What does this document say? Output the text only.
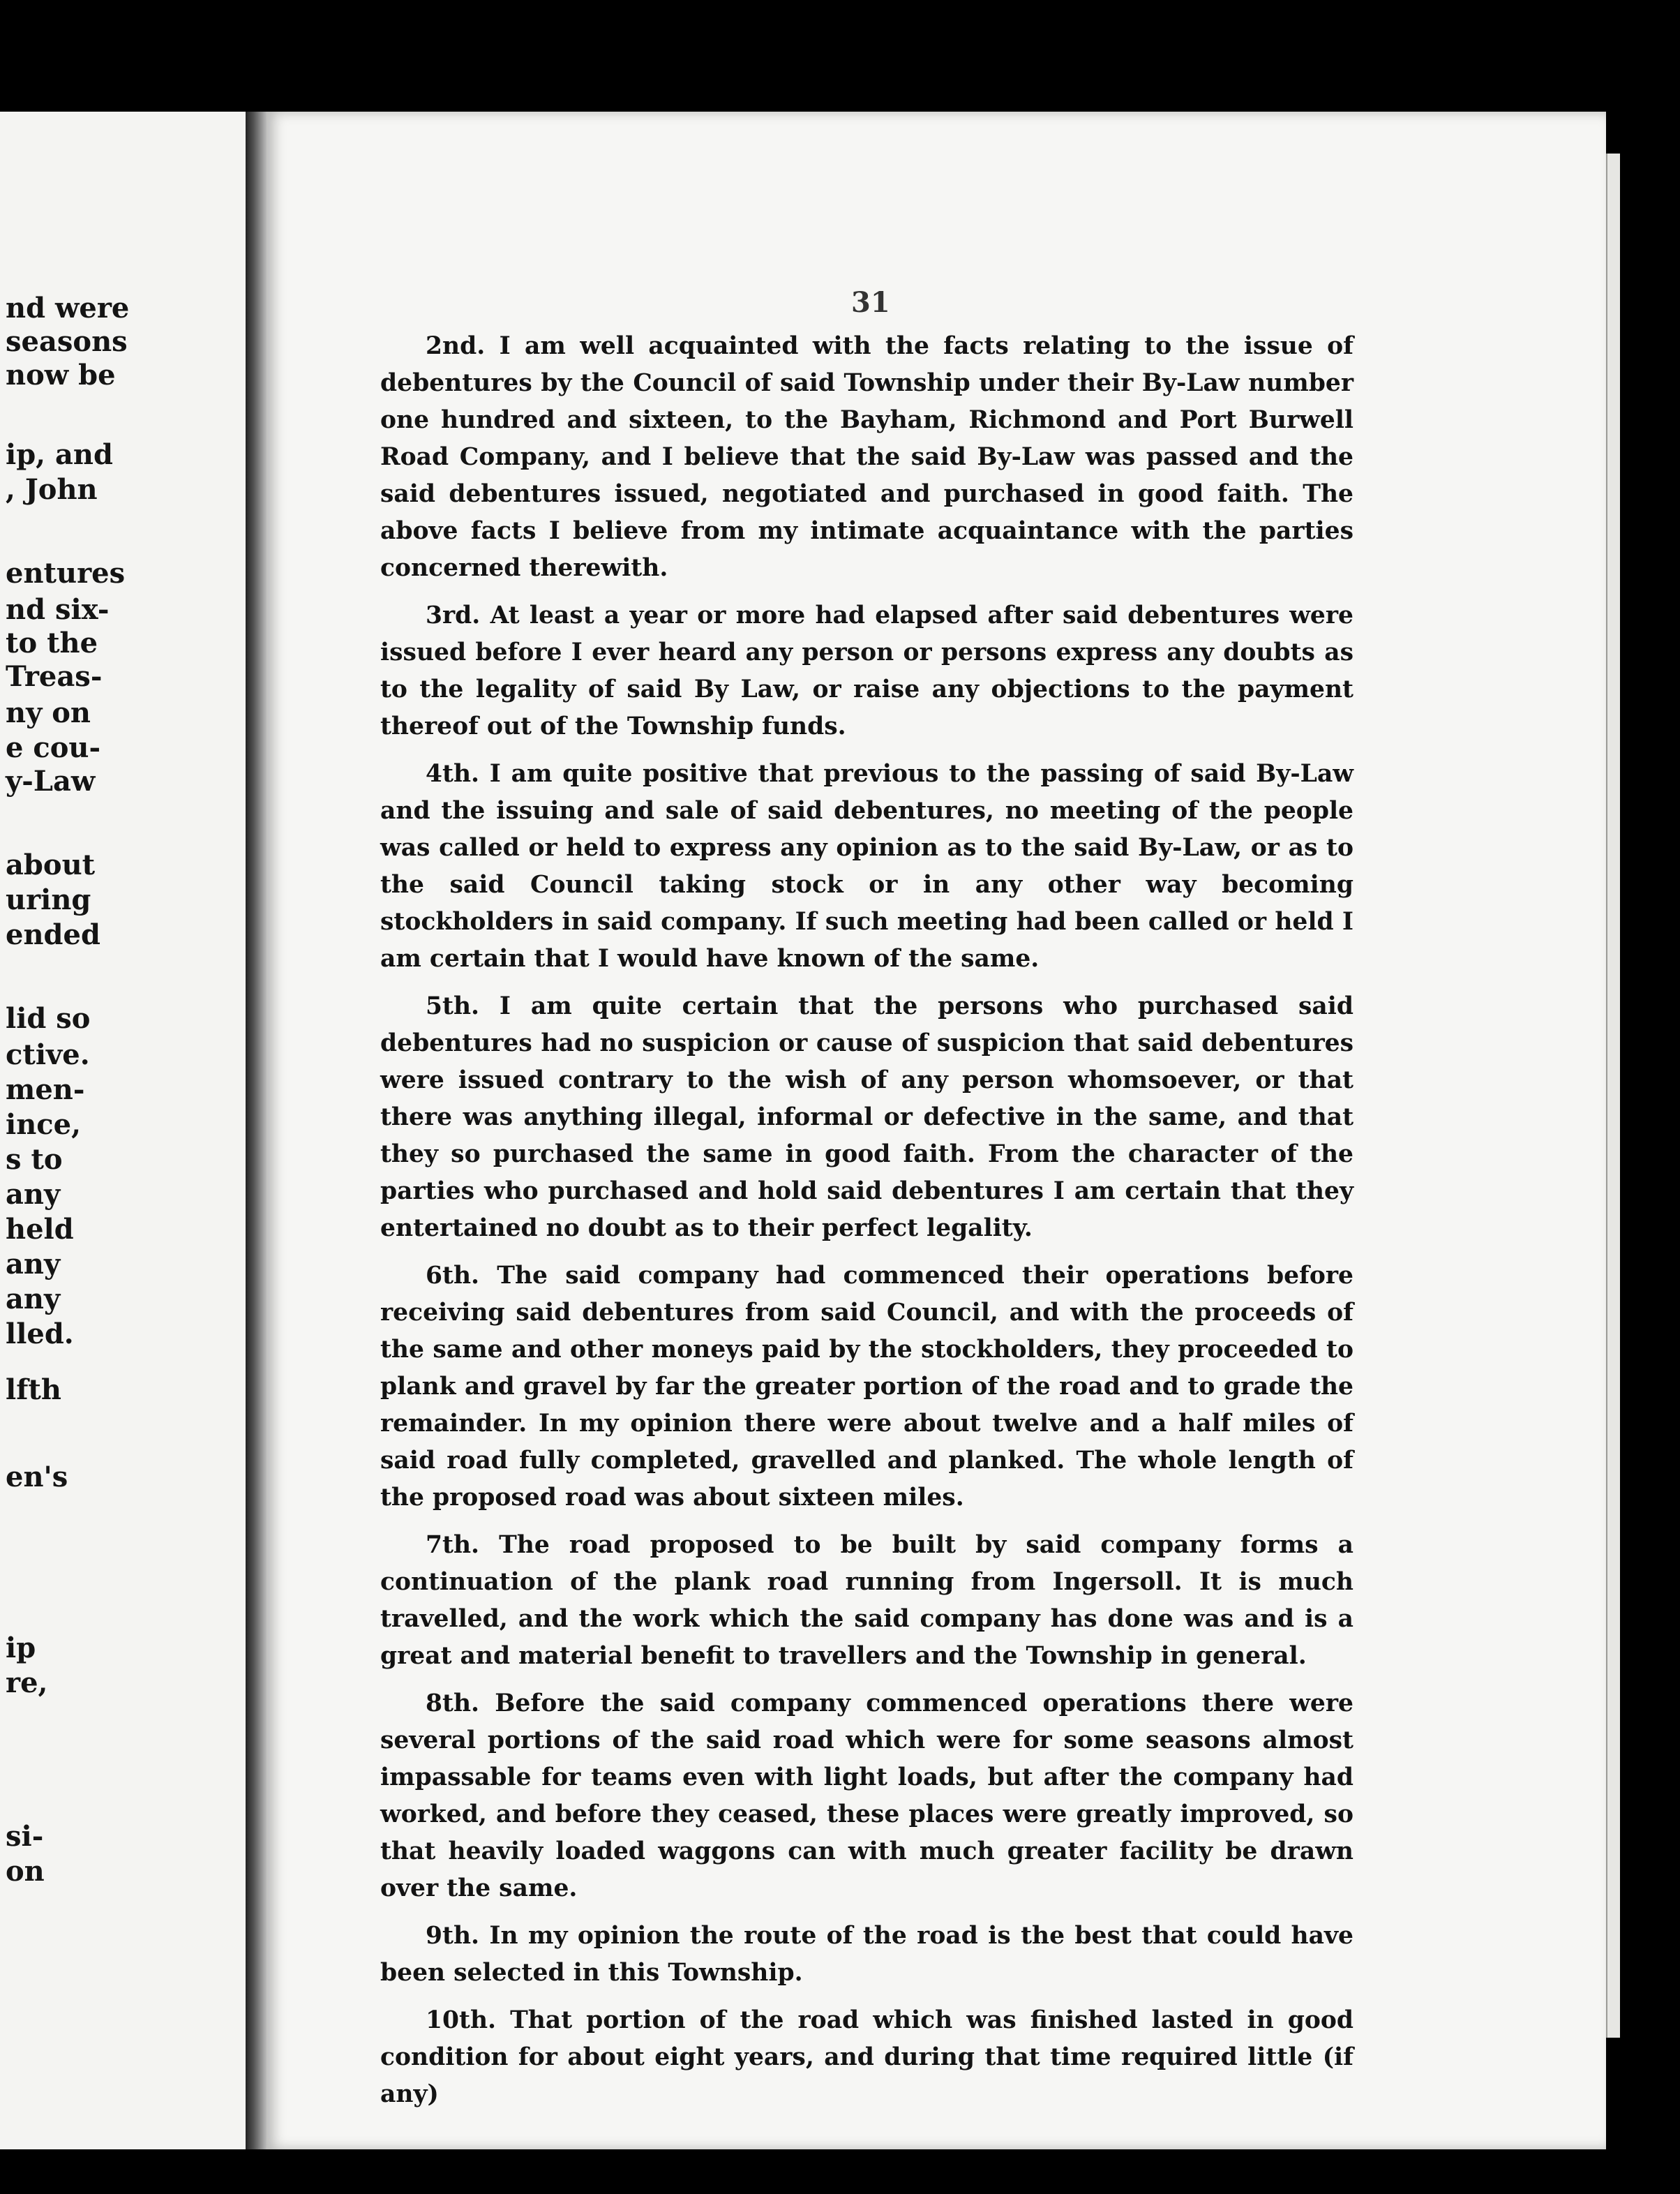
nd were
seasons
now be
ip, and
, John
entures
nd six-
to the
Treas-
ny on
e cou-
y-Law
about
uring
ended
lid so
ctive.
men-
ince,
s to
any
held
any
any
lled.
lfth
en's
ip
re,
si-
on
31

2nd. I am well acquainted with the facts relating to the issue of debentures by the Council of said Township under their By-Law number one hundred and sixteen, to the Bayham, Richmond and Port Burwell Road Company, and I believe that the said By-Law was passed and the said debentures issued, negotiated and purchased in good faith. The above facts I believe from my intimate acquaintance with the parties concerned therewith.

3rd. At least a year or more had elapsed after said debentures were issued before I ever heard any person or persons express any doubts as to the legality of said By Law, or raise any objections to the payment thereof out of the Township funds.

4th. I am quite positive that previous to the passing of said By-Law and the issuing and sale of said debentures, no meeting of the people was called or held to express any opinion as to the said By-Law, or as to the said Council taking stock or in any other way becoming stockholders in said company. If such meeting had been called or held I am certain that I would have known of the same.

5th. I am quite certain that the persons who purchased said debentures had no suspicion or cause of suspicion that said debentures were issued contrary to the wish of any person whomsoever, or that there was anything illegal, informal or defective in the same, and that they so purchased the same in good faith. From the character of the parties who purchased and hold said debentures I am certain that they entertained no doubt as to their perfect legality.

6th. The said company had commenced their operations before receiving said debentures from said Council, and with the proceeds of the same and other moneys paid by the stockholders, they proceeded to plank and gravel by far the greater portion of the road and to grade the remainder. In my opinion there were about twelve and a half miles of said road fully completed, gravelled and planked. The whole length of the proposed road was about sixteen miles.

7th. The road proposed to be built by said company forms a continuation of the plank road running from Ingersoll. It is much travelled, and the work which the said company has done was and is a great and material benefit to travellers and the Township in general.

8th. Before the said company commenced operations there were several portions of the said road which were for some seasons almost impassable for teams even with light loads, but after the company had worked, and before they ceased, these places were greatly improved, so that heavily loaded waggons can with much greater facility be drawn over the same.

9th. In my opinion the route of the road is the best that could have been selected in this Township.

10th. That portion of the road which was finished lasted in good condition for about eight years, and during that time required little (if any)
